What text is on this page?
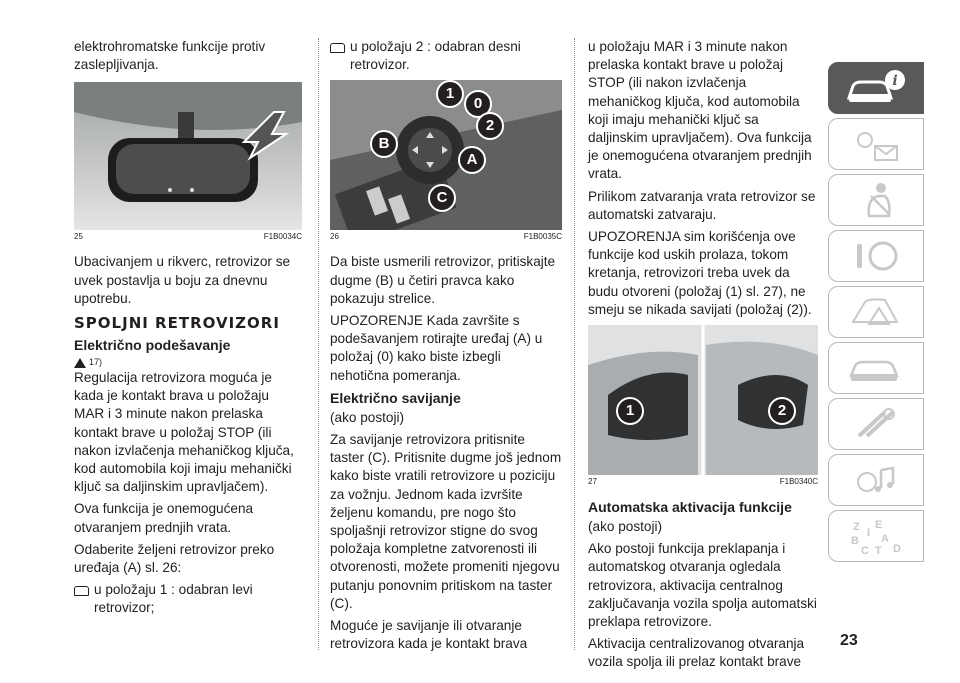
elektrohromatske funkcije protiv zaslepljivanja.

25	F1B0034C

Ubacivanjem u rikverc, retrovizor se uvek postavlja u boju za dnevnu upotrebu.

SPOLJNI RETROVIZORI
Električno podešavanje
17)

Regulacija retrovizora moguća je kada je kontakt brava u položaju MAR i 3 minute nakon prelaska kontakt brave u položaj STOP (ili nakon izvlačenja mehaničkog ključa, kod automobila koji imaju mehanički ključ sa daljinskim upravljačem).

Ova funkcija je onemogućena otvaranjem prednjih vrata.

Odaberite željeni retrovizor preko uređaja (A) sl. 26:

u položaju 1 : odabran levi retrovizor;
u položaju 2 : odabran desni retrovizor.
1
0
2
B
A
C
26	F1B0035C

Da biste usmerili retrovizor, pritiskajte dugme (B) u četiri pravca kako pokazuju strelice.

UPOZORENJE Kada završite s podešavanjem rotirajte uređaj (A) u položaj (0) kako biste izbegli nehotična pomeranja.

Električno savijanje

(ako postoji)

Za savijanje retrovizora pritisnite taster (C). Pritisnite dugme još jednom kako biste vratili retrovizore u poziciju za vožnju. Jednom kada izvršite željenu komandu, pre nogo što spoljašnji retrovizor stigne do svog položaja kompletne zatvorenosti ili otvorenosti, možete promeniti njegovu putanju ponovnim pritiskom na taster (C).

Moguće je savijanje ili otvaranje retrovizora kada je kontakt brava

u položaju MAR i 3 minute nakon prelaska kontakt brave u položaj STOP (ili nakon izvlačenja mehaničkog ključa, kod automobila koji imaju mehanički ključ sa daljinskim upravljačem). Ova funkcija je onemogućena otvaranjem prednjih vrata.

Prilikom zatvaranja vrata retrovizor se automatski zatvaraju.

UPOZORENJA sim korišćenja ove funkcije kod uskih prolaza, tokom kretanja, retrovizori treba uvek da budu otvoreni (položaj (1) sl. 27), ne smeju se nikada savijati (položaj (2)).

1	2
27	F1B0340C
Automatska aktivacija funkcije

(ako postoji)

Ako postoji funkcija preklapanja i automatskog otvaranja ogledala retrovizora, aktivacija centralnog zaključavanja vozila spolja automatski preklapa retrovizore.

Aktivacija centralizovanog otvaranja vozila spolja ili prelaz kontakt brave

i
Z E
B A
I
C T D
23
